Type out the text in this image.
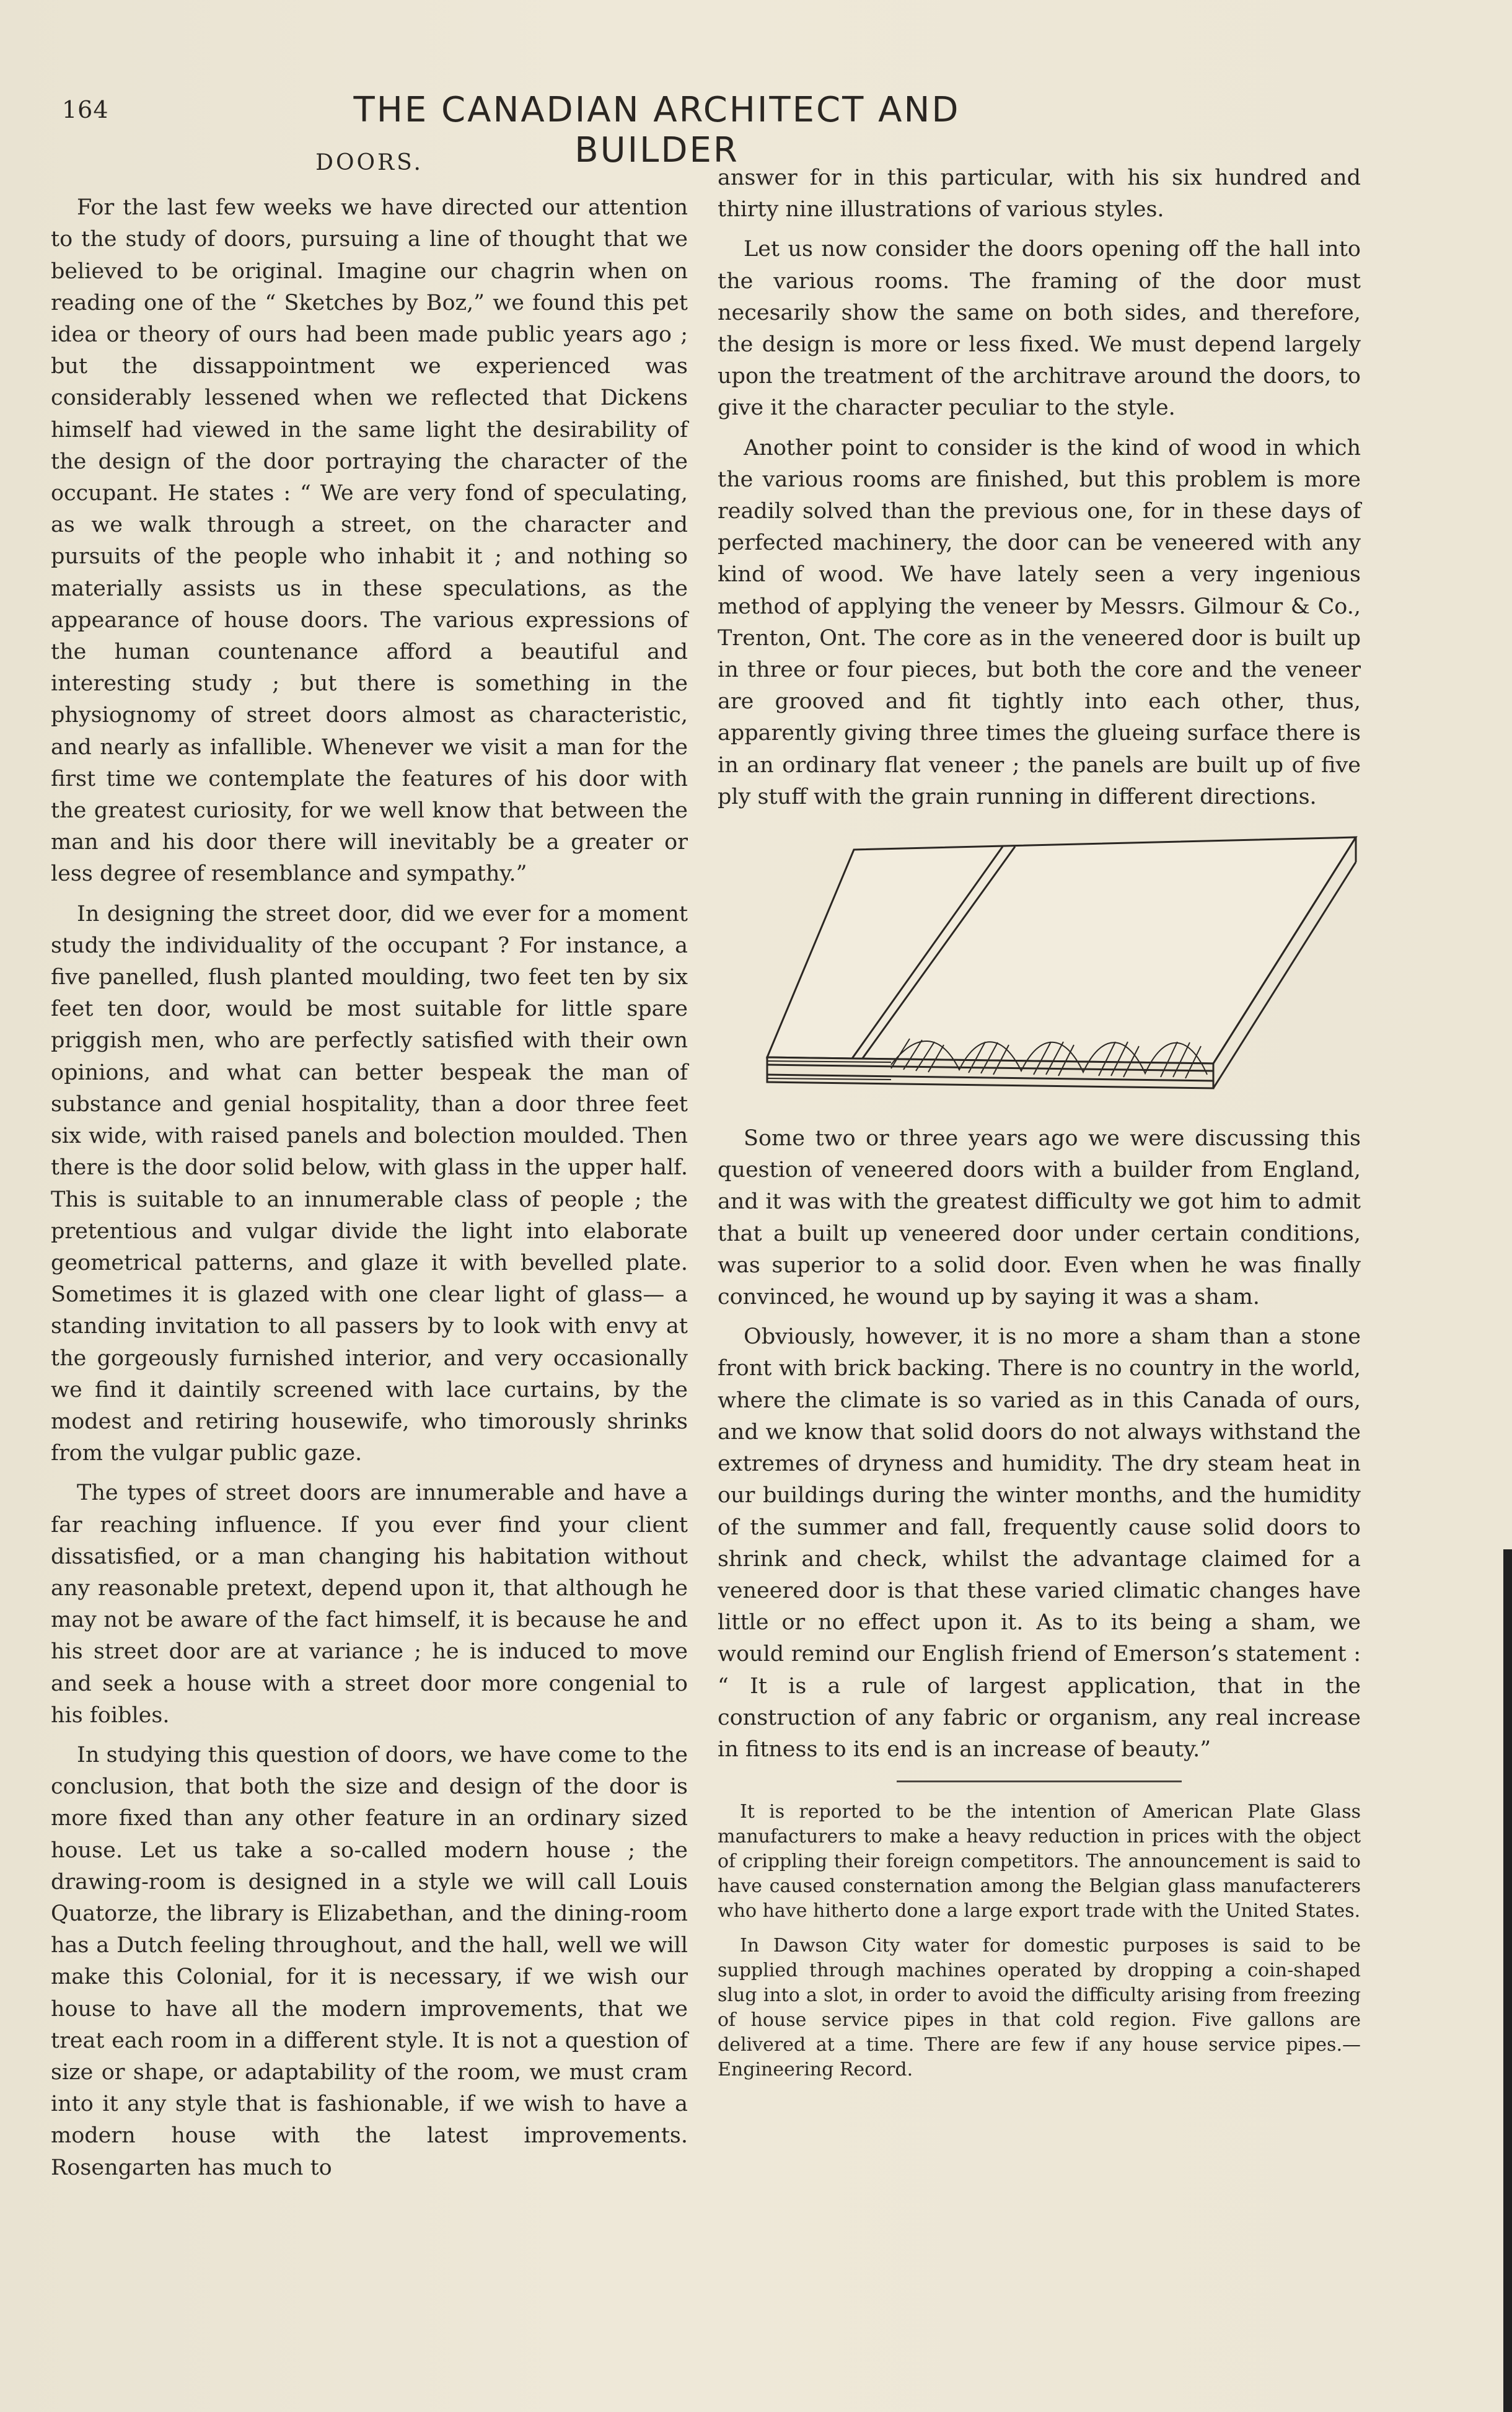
164	THE CANADIAN ARCHITECT AND BUILDER
DOORS.

For the last few weeks we have directed our attention to the study of doors, pursuing a line of thought that we believed to be original. Imagine our chagrin when on reading one of the “ Sketches by Boz,” we found this pet idea or theory of ours had been made public years ago ; but the dissappointment we experienced was considerably lessened when we reflected that Dickens himself had viewed in the same light the desirability of the design of the door portraying the character of the occupant. He states : “ We are very fond of speculating, as we walk through a street, on the character and pursuits of the people who inhabit it ; and nothing so materially assists us in these speculations, as the appearance of house doors. The various expressions of the human countenance afford a beautiful and interesting study ; but there is something in the physiognomy of street doors almost as characteristic, and nearly as infallible. Whenever we visit a man for the first time we contemplate the features of his door with the greatest curiosity, for we well know that between the man and his door there will inevitably be a greater or less degree of resemblance and sympathy.”

In designing the street door, did we ever for a moment study the individuality of the occupant ? For instance, a five panelled, flush planted moulding, two feet ten by six feet ten door, would be most suitable for little spare priggish men, who are perfectly satisfied with their own opinions, and what can better bespeak the man of substance and genial hospitality, than a door three feet six wide, with raised panels and bolection moulded. Then there is the door solid below, with glass in the upper half. This is suitable to an innumerable class of people ; the pretentious and vulgar divide the light into elaborate geometrical patterns, and glaze it with bevelled plate. Sometimes it is glazed with one clear light of glass— a standing invitation to all passers by to look with envy at the gorgeously furnished interior, and very occasionally we find it daintily screened with lace curtains, by the modest and retiring housewife, who timorously shrinks from the vulgar public gaze.

The types of street doors are innumerable and have a far reaching influence. If you ever find your client dissatisfied, or a man changing his habitation without any reasonable pretext, depend upon it, that although he may not be aware of the fact himself, it is because he and his street door are at variance ; he is induced to move and seek a house with a street door more congenial to his foibles.

In studying this question of doors, we have come to the conclusion, that both the size and design of the door is more fixed than any other feature in an ordinary sized house. Let us take a so-called modern house ; the drawing-room is designed in a style we will call Louis Quatorze, the library is Elizabethan, and the dining-room has a Dutch feeling throughout, and the hall, well we will make this Colonial, for it is necessary, if we wish our house to have all the modern improvements, that we treat each room in a different style. It is not a question of size or shape, or adaptability of the room, we must cram into it any style that is fashionable, if we wish to have a modern house with the latest improvements. Rosengarten has much to

answer for in this particular, with his six hundred and thirty nine illustrations of various styles.

Let us now consider the doors opening off the hall into the various rooms. The framing of the door must necesarily show the same on both sides, and therefore, the design is more or less fixed. We must depend largely upon the treatment of the architrave around the doors, to give it the character peculiar to the style.

Another point to consider is the kind of wood in which the various rooms are finished, but this problem is more readily solved than the previous one, for in these days of perfected machinery, the door can be veneered with any kind of wood. We have lately seen a very ingenious method of applying the veneer by Messrs. Gilmour & Co., Trenton, Ont. The core as in the veneered door is built up in three or four pieces, but both the core and the veneer are grooved and fit tightly into each other, thus, apparently giving three times the glueing surface there is in an ordinary flat veneer ; the panels are built up of five ply stuff with the grain running in different directions.

Some two or three years ago we were discussing this question of veneered doors with a builder from England, and it was with the greatest difficulty we got him to admit that a built up veneered door under certain conditions, was superior to a solid door. Even when he was finally convinced, he wound up by saying it was a sham.

Obviously, however, it is no more a sham than a stone front with brick backing. There is no country in the world, where the climate is so varied as in this Canada of ours, and we know that solid doors do not always withstand the extremes of dryness and humidity. The dry steam heat in our buildings during the winter months, and the humidity of the summer and fall, frequently cause solid doors to shrink and check, whilst the advantage claimed for a veneered door is that these varied climatic changes have little or no effect upon it. As to its being a sham, we would remind our English friend of Emerson’s statement : “ It is a rule of largest application, that in the construction of any fabric or organism, any real increase in fitness to its end is an increase of beauty.”

It is reported to be the intention of American Plate Glass manufacturers to make a heavy reduction in prices with the object of crippling their foreign competitors. The announcement is said to have caused consternation among the Belgian glass manufacterers who have hitherto done a large export trade with the United States.

In Dawson City water for domestic purposes is said to be supplied through machines operated by dropping a coin-shaped slug into a slot, in order to avoid the difficulty arising from freezing of house service pipes in that cold region. Five gallons are delivered at a time. There are few if any house service pipes.—Engineering Record.
